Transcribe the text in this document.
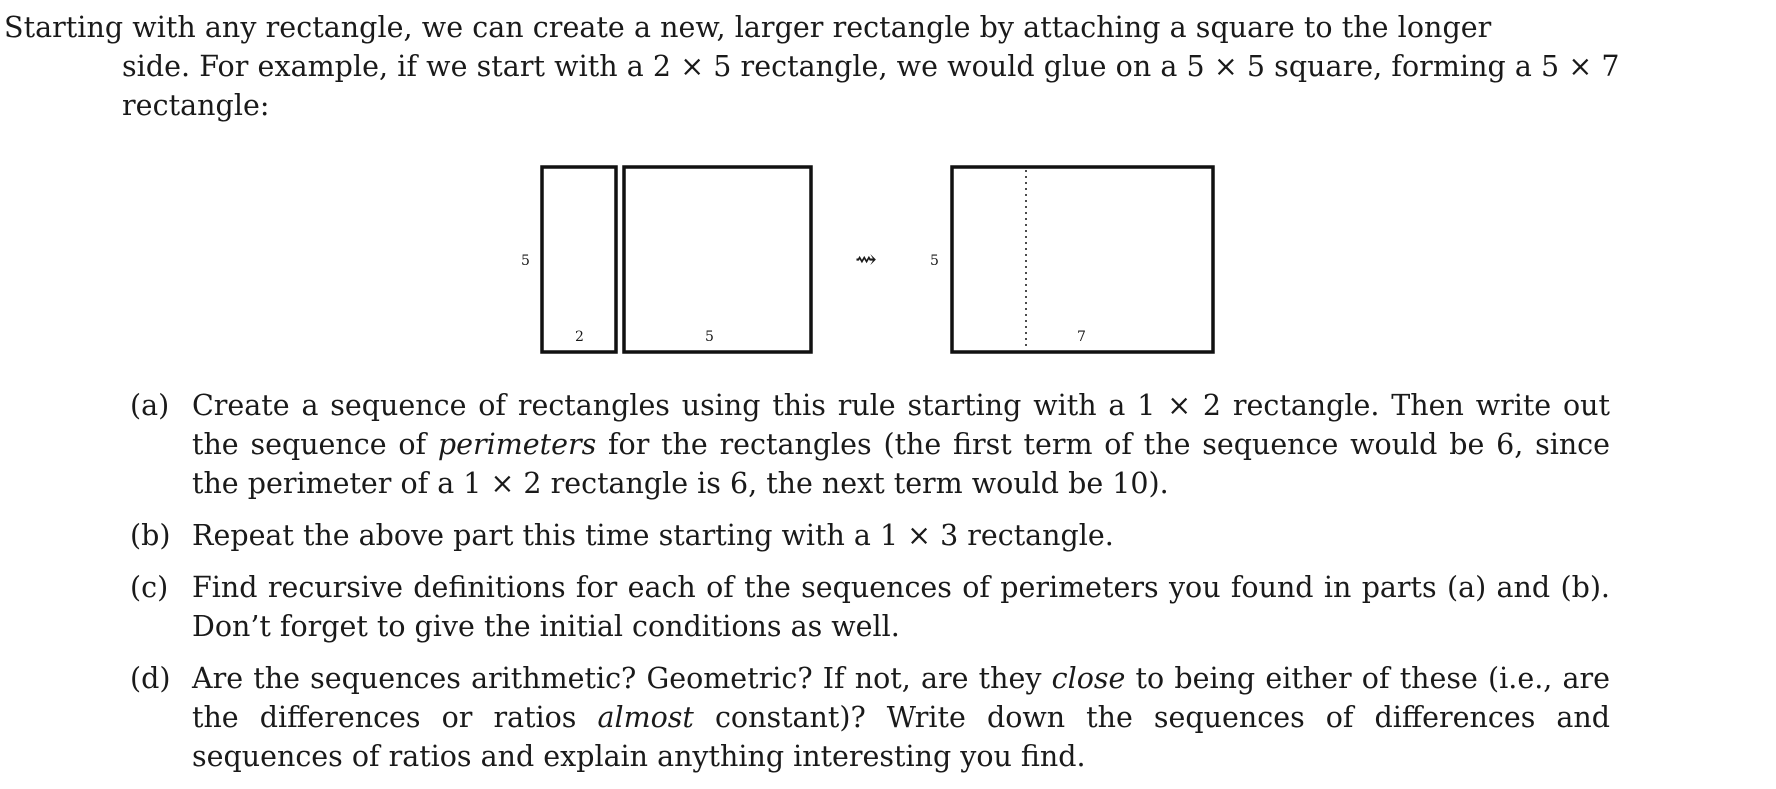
Starting with any rectangle, we can create a new, larger rectangle by attaching a square to the longer
side. For example, if we start with a 2 × 5 rectangle, we would glue on a 5 × 5 square, forming a 5 × 7
rectangle:
5
2	5
5
7
⇝
(a) Create a sequence of rectangles using this rule starting with a 1 × 2 rectangle. Then write out the sequence of perimeters for the rectangles (the first term of the sequence would be 6, since the perimeter of a 1 × 2 rectangle is 6, the next term would be 10).
(b) Repeat the above part this time starting with a 1 × 3 rectangle.
(c) Find recursive definitions for each of the sequences of perimeters you found in parts (a) and (b). Don’t forget to give the initial conditions as well.
(d) Are the sequences arithmetic? Geometric? If not, are they close to being either of these (i.e., are the differences or ratios almost constant)? Write down the sequences of differences and sequences of ratios and explain anything interesting you find.
